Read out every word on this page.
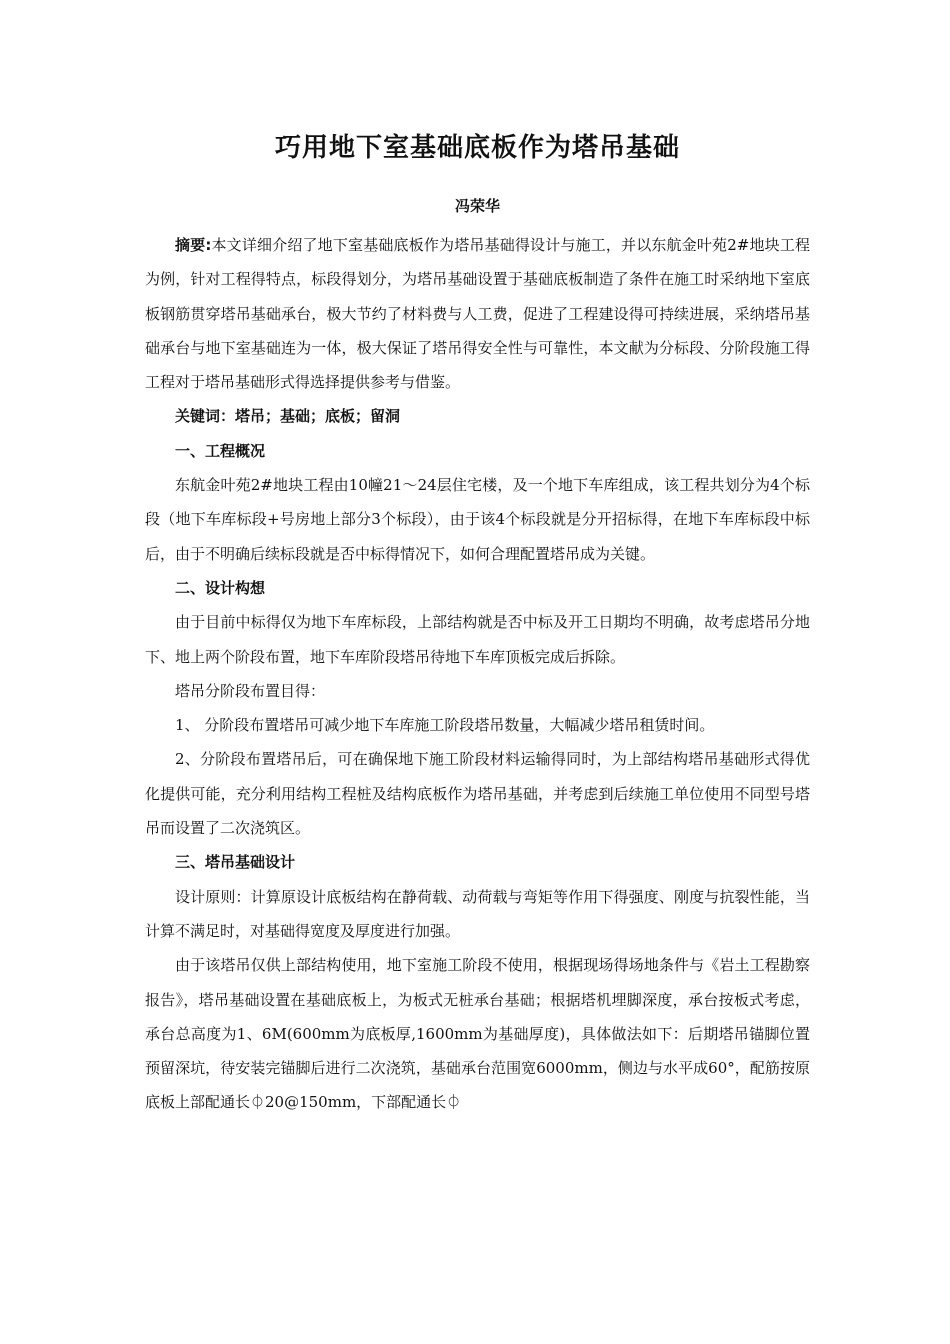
巧用地下室基础底板作为塔吊基础
冯荣华

摘要:本文详细介绍了地下室基础底板作为塔吊基础得设计与施工，并以东航金叶苑2#地块工程为例，针对工程得特点，标段得划分，为塔吊基础设置于基础底板制造了条件在施工时采纳地下室底板钢筋贯穿塔吊基础承台，极大节约了材料费与人工费，促进了工程建设得可持续进展，采纳塔吊基础承台与地下室基础连为一体，极大保证了塔吊得安全性与可靠性，本文献为分标段、分阶段施工得工程对于塔吊基础形式得选择提供参考与借鉴。

关键词：塔吊；基础；底板；留洞

一、工程概况

东航金叶苑2#地块工程由10幢21～24层住宅楼，及一个地下车库组成，该工程共划分为4个标段（地下车库标段+号房地上部分3个标段），由于该4个标段就是分开招标得，在地下车库标段中标后，由于不明确后续标段就是否中标得情况下，如何合理配置塔吊成为关键。

二、设计构想

由于目前中标得仅为地下车库标段，上部结构就是否中标及开工日期均不明确，故考虑塔吊分地下、地上两个阶段布置，地下车库阶段塔吊待地下车库顶板完成后拆除。

塔吊分阶段布置目得：

1、 分阶段布置塔吊可减少地下车库施工阶段塔吊数量，大幅减少塔吊租赁时间。

2、分阶段布置塔吊后，可在确保地下施工阶段材料运输得同时，为上部结构塔吊基础形式得优化提供可能，充分利用结构工程桩及结构底板作为塔吊基础，并考虑到后续施工单位使用不同型号塔吊而设置了二次浇筑区。

三、塔吊基础设计

设计原则：计算原设计底板结构在静荷载、动荷载与弯矩等作用下得强度、刚度与抗裂性能，当计算不满足时，对基础得宽度及厚度进行加强。

由于该塔吊仅供上部结构使用，地下室施工阶段不使用，根据现场得场地条件与《岩土工程勘察报告》，塔吊基础设置在基础底板上，为板式无桩承台基础；根据塔机埋脚深度，承台按板式考虑，承台总高度为1、6M(600mm为底板厚,1600mm为基础厚度)，具体做法如下：后期塔吊锚脚位置预留深坑，待安装完锚脚后进行二次浇筑，基础承台范围宽6000mm，侧边与水平成60°，配筋按原底板上部配通长⏀20@150mm，下部配通长⏀
